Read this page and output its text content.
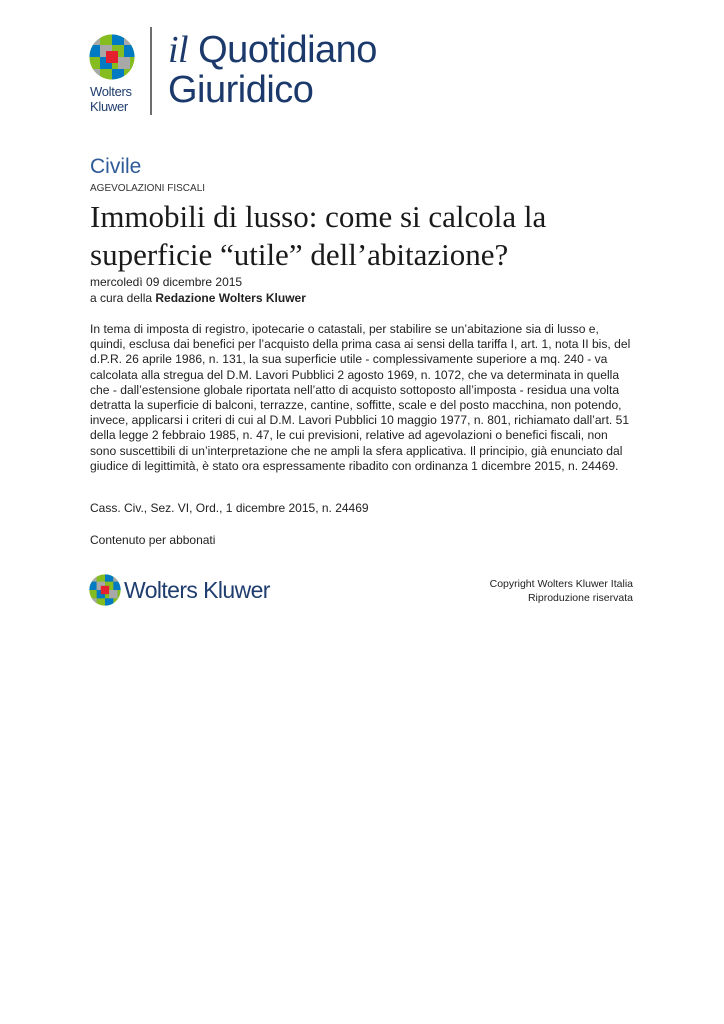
Wolters
Kluwer
il Quotidiano
Giuridico
Civile
AGEVOLAZIONI FISCALI
Immobili di lusso: come si calcola la superficie “utile” dell’abitazione?
mercoledì 09 dicembre 2015
a cura della Redazione Wolters Kluwer
In tema di imposta di registro, ipotecarie o catastali, per stabilire se un’abitazione sia di lusso e, quindi, esclusa dai benefici per l’acquisto della prima casa ai sensi della tariffa I, art. 1, nota II bis, del d.P.R. 26 aprile 1986, n. 131, la sua superficie utile - complessivamente superiore a mq. 240 - va calcolata alla stregua del D.M. Lavori Pubblici 2 agosto 1969, n. 1072, che va determinata in quella che - dall’estensione globale riportata nell’atto di acquisto sottoposto all’imposta - residua una volta detratta la superficie di balconi, terrazze, cantine, soffitte, scale e del posto macchina, non potendo, invece, applicarsi i criteri di cui al D.M. Lavori Pubblici 10 maggio 1977, n. 801, richiamato dall’art. 51 della legge 2 febbraio 1985, n. 47, le cui previsioni, relative ad agevolazioni o benefici fiscali, non sono suscettibili di un’interpretazione che ne ampli la sfera applicativa. Il principio, già enunciato dal giudice di legittimità, è stato ora espressamente ribadito con ordinanza 1 dicembre 2015, n. 24469.
Cass. Civ., Sez. VI, Ord., 1 dicembre 2015, n. 24469
Contenuto per abbonati
Wolters Kluwer	Copyright Wolters Kluwer Italia
Riproduzione riservata
